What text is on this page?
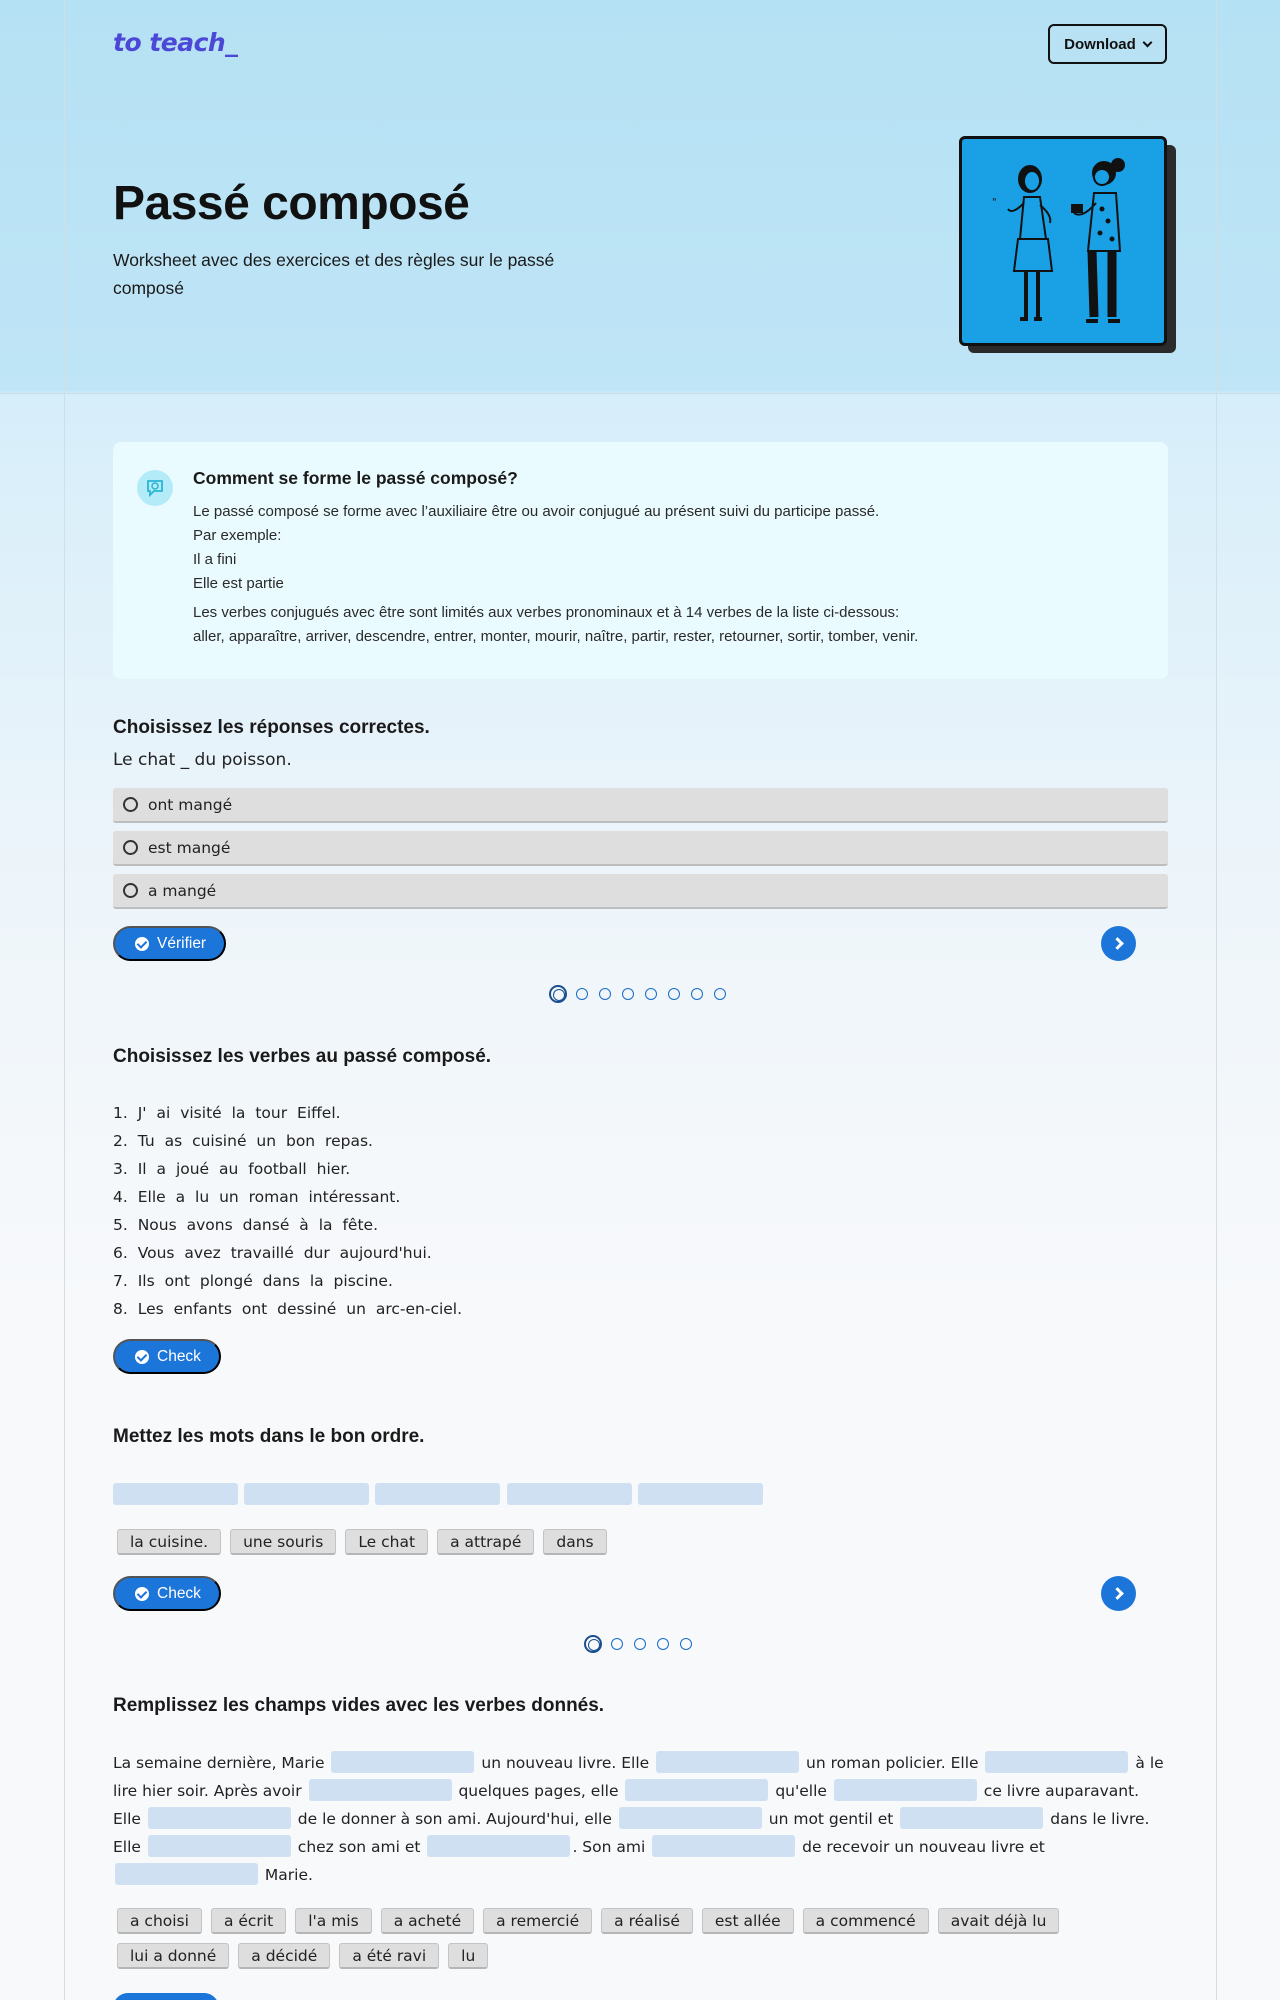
to teach_	Download
Passé composé

Worksheet avec des exercices et des règles sur le passé composé

"
Comment se forme le passé composé?
Le passé composé se forme avec l’auxiliaire être ou avoir conjugué au présent suivi du participe passé.
Par exemple:
Il a fini
Elle est partie
Les verbes conjugués avec être sont limités aux verbes pronominaux et à 14 verbes de la liste ci-dessous:
aller, apparaître, arriver, descendre, entrer, monter, mourir, naître, partir, rester, retourner, sortir, tomber, venir.
Choisissez les réponses correctes.
Le chat _ du poisson.
ont mangé
est mangé
a mangé
Vérifier
Choisissez les verbes au passé composé.
1. J' ai visité la tour Eiffel.
2. Tu as cuisiné un bon repas.
3. Il a joué au football hier.
4. Elle a lu un roman intéressant.
5. Nous avons dansé à la fête.
6. Vous avez travaillé dur aujourd'hui.
7. Ils ont plongé dans la piscine.
8. Les enfants ont dessiné un arc-en-ciel.
Check
Mettez les mots dans le bon ordre.
la cuisine.	une souris	Le chat	a attrapé	dans
Check
Remplissez les champs vides avec les verbes donnés.
La semaine dernière, Marie	un nouveau livre. Elle	un roman policier. Elle	à le lire hier soir. Après avoir	quelques pages, elle	qu'elle	ce livre auparavant. Elle	de le donner à son ami. Aujourd'hui, elle	un mot gentil et	dans le livre. Elle	chez son ami et	. Son ami	de recevoir un nouveau livre et  Marie.
a choisi	a écrit	l'a mis	a acheté	a remercié	a réalisé	est allée	a commencé	avait déjà lu
lui a donné	a décidé	a été ravi	lu
